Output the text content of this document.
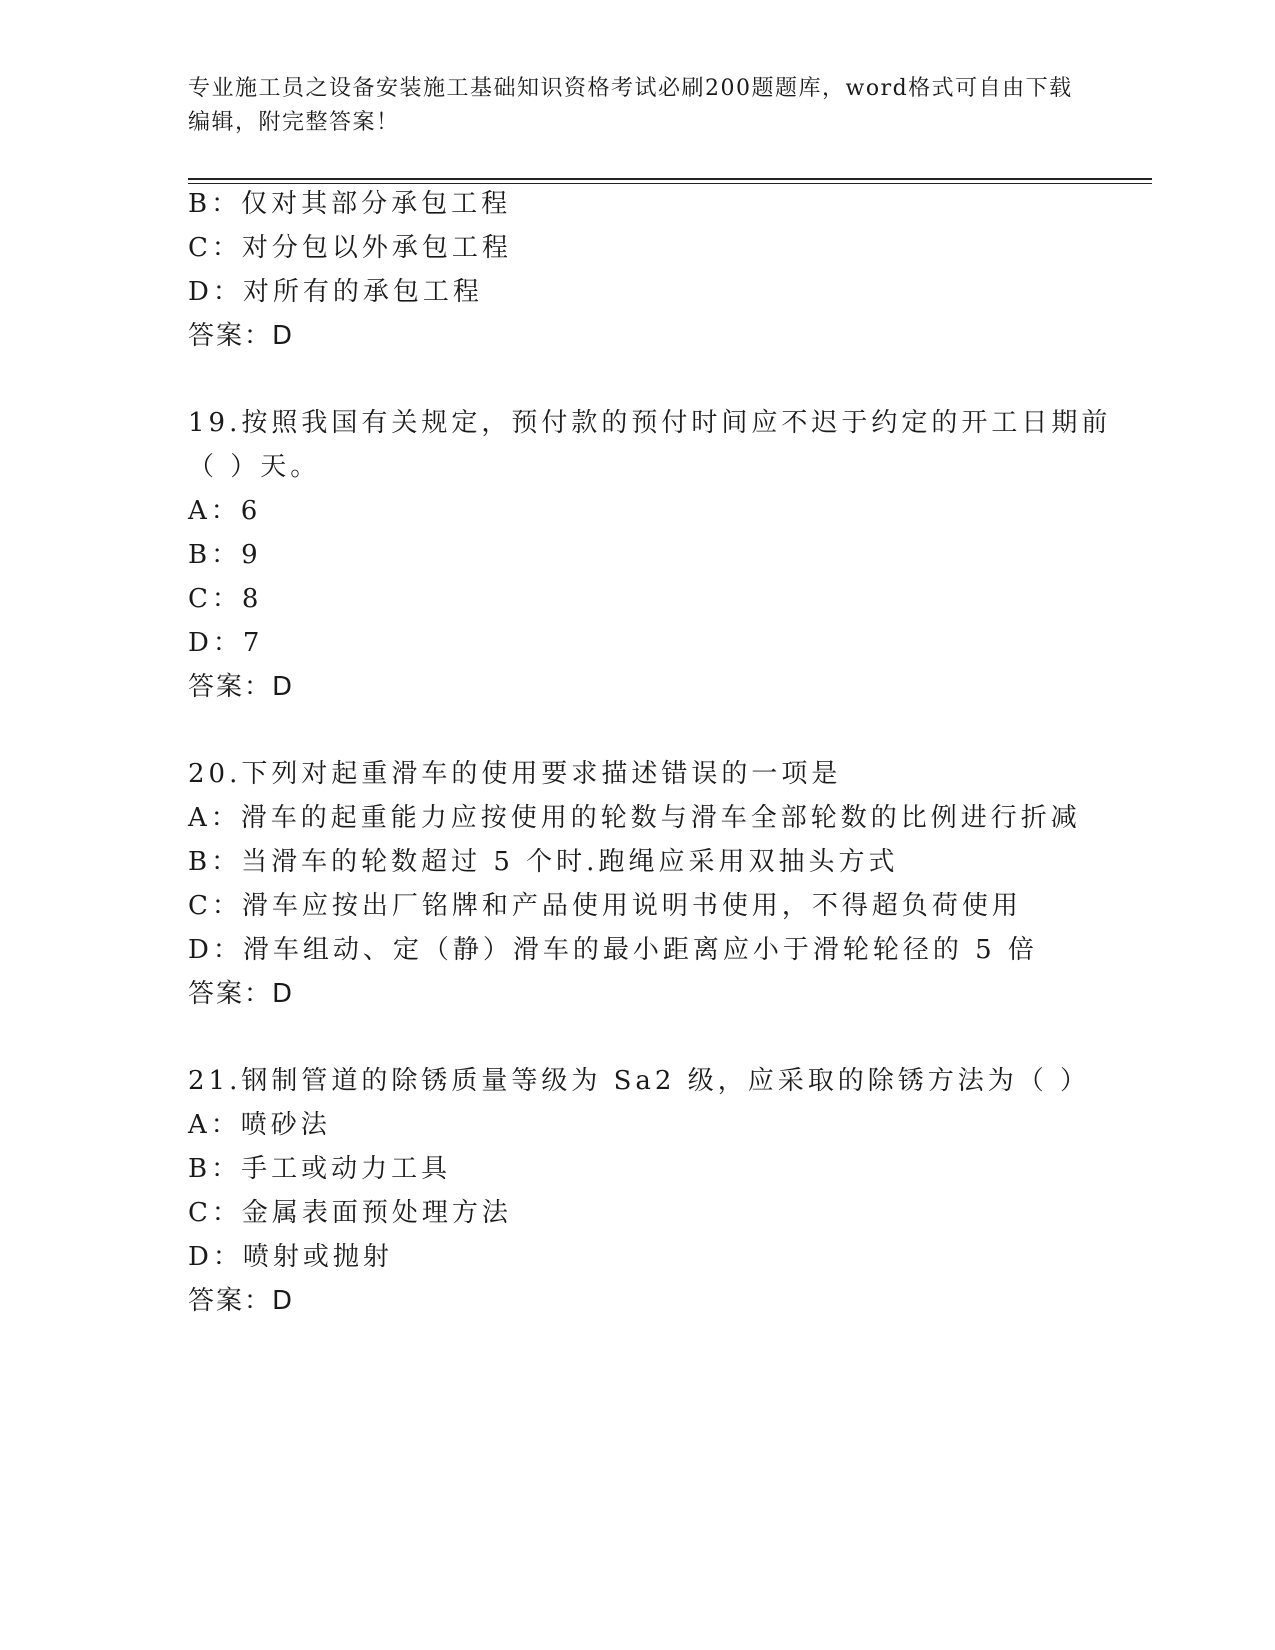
专业施工员之设备安装施工基础知识资格考试必刷200题题库，word格式可自由下载编辑，附完整答案！
B：仅对其部分承包工程
C：对分包以外承包工程
D：对所有的承包工程
答案：D
19.按照我国有关规定，预付款的预付时间应不迟于约定的开工日期前
（ ）天。
A：6
B：9
C：8
D：7
答案：D
20.下列对起重滑车的使用要求描述错误的一项是
A：滑车的起重能力应按使用的轮数与滑车全部轮数的比例进行折减
B：当滑车的轮数超过 5 个时.跑绳应采用双抽头方式
C：滑车应按出厂铭牌和产品使用说明书使用，不得超负荷使用
D：滑车组动、定（静）滑车的最小距离应小于滑轮轮径的 5 倍
答案：D
21.钢制管道的除锈质量等级为 Sa2 级，应采取的除锈方法为（ ）
A：喷砂法
B：手工或动力工具
C：金属表面预处理方法
D：喷射或抛射
答案：D
